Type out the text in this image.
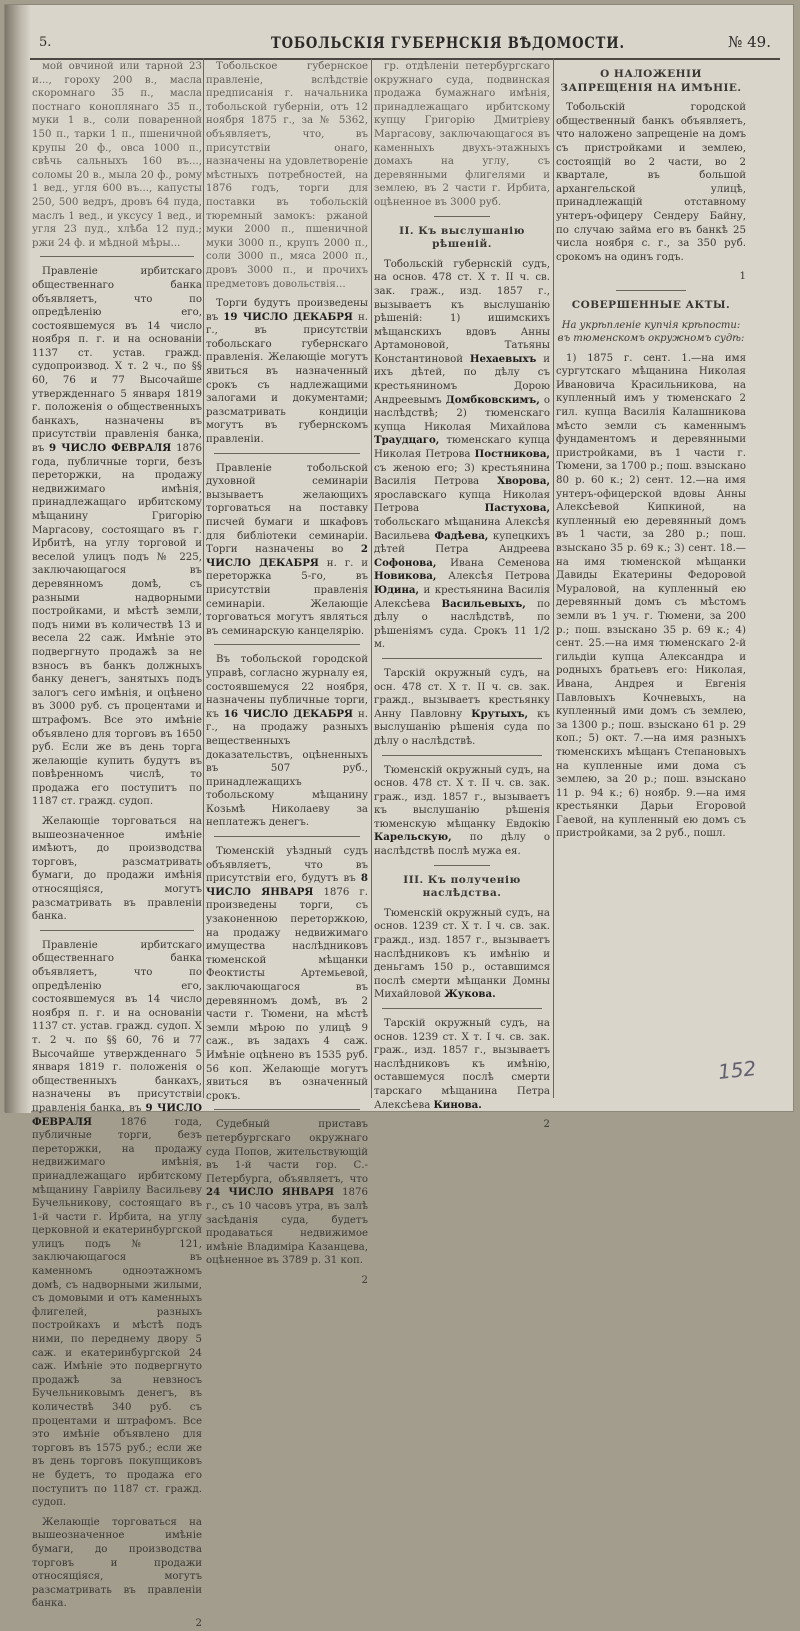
5.	ТОБОЛЬСКІЯ ГУБЕРНСКІЯ ВѢДОМОСТИ.	№ 49.

мой овчиной или тарной 23 и..., гороху 200 в., масла скоромнаго 35 п., масла постнаго коноплянаго 35 п., муки 1 в., соли поваренной 150 п., тарки 1 п., пшеничной крупы 20 ф., овса 1000 п., свѣчь сальныхъ 160 въ..., соломы 20 в., мыла 20 ф., рому 1 вед., угля 600 въ..., капусты 250, 500 ведръ, дровъ 64 пуда, маслъ 1 вед., и уксусу 1 вед., и угля 23 пуд., хлѣба 12 пуд.; ржи 24 ф. и мѣдной мѣры...

Правленіе ирбитскаго общественнаго банка объявляетъ, что по опредѣленію его, состоявшемуся въ 14 число ноября п. г. и на основаніи 1137 ст. устав. гражд. судопроизвод. X т. 2 ч., по §§ 60, 76 и 77 Высочайше утвержденнаго 5 января 1819 г. положенія о общественныхъ банкахъ, назначены въ присутствіи правленія банка, въ 9 ЧИСЛО ФЕВРАЛЯ 1876 года, публичные торги, безъ переторжки, на продажу недвижимаго имѣнія, принадлежащаго ирбитскому мѣщанину Григорію Маргасову, состоящаго въ г. Ирбитѣ, на углу торговой и веселой улицъ подъ № 225, заключающагося въ деревянномъ домѣ, съ разными надворными постройками, и мѣстѣ земли, подъ ними въ количествѣ 13 и весела 22 саж. Имѣніе это подвергнуто продажѣ за не взносъ въ банкъ должныхъ банку денегъ, занятыхъ подъ залогъ сего имѣнія, и оцѣнено въ 3000 руб. съ процентами и штрафомъ. Все это имѣніе объявлено для торговъ въ 1650 руб. Если же въ день торга желающіе купить будутъ въ повѣренномъ числѣ, то продажа его поступитъ по 1187 ст. гражд. судоп.

Желающіе торговаться на вышеозначенное имѣніе имѣютъ, до производства торговъ, разсматривать бумаги, до продажи имѣнія относящіяся, могутъ разсматривать въ правленіи банка.

Правленіе ирбитскаго общественнаго банка объявляетъ, что по опредѣленію его, состоявшемуся въ 14 число ноября п. г. и на основаніи 1137 ст. устав. гражд. судоп. X т. 2 ч. по §§ 60, 76 и 77 Высочайше утвержденнаго 5 января 1819 г. положенія о общественныхъ банкахъ, назначены въ присутствіи правленія банка, въ 9 ЧИСЛО ФЕВРАЛЯ	1876 года, публичные торги, безъ переторжки, на продажу недвижимаго имѣнія, принадлежащаго ирбитскому мѣщанину Гавріилу Васильеву Бучельникову, состоящаго въ 1-й части г. Ирбита, на углу церковной и екатеринбургской улицъ подъ № 121, заключающагося въ каменномъ одноэтажномъ домѣ, съ надворными жилыми, съ домовыми и отъ каменныхъ флигелей, разныхъ постройкахъ и мѣстѣ подъ ними, по переднему двору 5 саж. и екатеринбургской 24 саж. Имѣніе это подвергнуто продажѣ за невзносъ Бучельниковымъ денегъ, въ количествѣ 340 руб. съ процентами и штрафомъ. Все это имѣніе объявлено для торговъ въ 1575 руб.; если же въ день торговъ покупщиковъ не будетъ, то продажа его поступитъ по 1187 ст. гражд. судоп.

Желающіе торговаться на вышеозначенное имѣніе бумаги, до производства торговъ и продажи относящіяся, могутъ разсматривать въ правленіи банка.

2

Тобольское губернское правленіе, вслѣдствіе предписанія г. начальника тобольской губерніи, отъ 12 ноября 1875 г., за № 5362, объявляетъ, что, въ присутствіи онаго, назначены на удовлетвореніе мѣстныхъ потребностей, на 1876 годъ, торги для поставки въ тобольскій тюремный замокъ: ржаной муки 2000 п., пшеничной муки 3000 п., крупъ 2000 п., соли 3000 п., мяса 2000 п., дровъ 3000 п., и прочихъ предметовъ довольствія...

Торги будутъ произведены въ 19 ЧИСЛО ДЕКАБРЯ н. г., въ присутствіи тобольскаго губернскаго правленія. Желающіе могутъ явиться въ назначенный срокъ съ надлежащими залогами и документами; разсматривать кондиціи могутъ въ губернскомъ правленіи.

Правленіе тобольской духовной семинаріи вызываетъ желающихъ торговаться на поставку писчей бумаги и шкафовъ для библіотеки семинаріи. Торги назначены во 2 ЧИСЛО ДЕКАБРЯ н. г. и переторжка 5-го, въ присутствіи правленія семинаріи. Желающіе торговаться могутъ являться въ семинарскую канцелярію.

Въ тобольской городской управѣ, согласно журналу ея, состоявшемуся 22 ноября, назначены публичные торги, къ 16 ЧИСЛО ДЕКАБРЯ н. г., на продажу разныхъ вещественныхъ доказательствъ, оцѣненныхъ въ 507 руб., принадлежащихъ тобольскому мѣщанину Козьмѣ Николаеву за неплатежъ денегъ.

Тюменскій уѣздный судъ объявляетъ, что въ присутствіи его, будутъ въ 8 ЧИСЛО ЯНВАРЯ 1876 г. произведены торги, съ узаконенною переторжкою, на продажу недвижимаго имущества наслѣдниковъ тюменской мѣщанки Феоктисты Артемьевой, заключающагося въ деревянномъ домѣ, въ 2 части г. Тюмени, на мѣстѣ земли мѣрою по улицѣ 9 саж., въ задахъ 4 саж. Имѣніе оцѣнено въ 1535 руб. 56 коп. Желающіе могутъ явиться въ означенный срокъ.

Судебный приставъ петербургскаго окружнаго суда Попов, жительствующій въ 1-й части гор. С.-Петербурга, объявляетъ, что 24 ЧИСЛО ЯНВАРЯ 1876 г., съ 10 часовъ утра, въ залѣ засѣданія суда, будетъ продаваться недвижимое имѣніе Владиміра Казанцева, оцѣненное въ 3789 р. 31 коп.

2

гр. отдѣленіи петербургскаго окружнаго суда, подвинская продажа бумажнаго имѣнія, принадлежащаго ирбитскому купцу Григорію Дмитріеву Маргасову, заключающагося въ каменныхъ двухъ-этажныхъ домахъ на углу, съ деревянными флигелями и землею, въ 2 части г. Ирбита, оцѣненное въ 3000 руб.

II. Къ выслушанію рѣшеній.

Тобольскій губернскій судъ, на основ. 478 ст. X т. II ч. св. зак. граж., изд. 1857 г., вызываетъ къ выслушанію рѣшеній: 1) ишимскихъ мѣщанскихъ вдовъ Анны Артамоновой, Татьяны Константиновой Нехаевыхъ и ихъ дѣтей, по дѣлу съ крестьяниномъ Дорою Андреевымъ Домбковскимъ, о наслѣдствѣ; 2) тюменскаго купца Николая Михайлова Траудцагo, тюменскаго купца Николая Петрова Постникова, съ женою его; 3) крестьянина Василія Петрова Хворова, ярославскаго купца Николая Петрова	Пастухова, тобольскаго мѣщанина Алексѣя Васильева Фадѣева, купецкихъ дѣтей Петра Андреева Софонова, Ивана Семенова Новикова, Алексѣя Петрова Юдина, и крестьянина Василія Алексѣева Васильевыхъ, по дѣлу о наслѣдствѣ, по рѣшеніямъ суда. Срокъ 11 1/2 м.

Тарскій окружный судъ, на осн. 478 ст. X т. II ч. св. зак. гражд., вызываетъ крестьянку Анну Павловну Крутыхъ, къ выслушанію рѣшенія суда по дѣлу о наслѣдствѣ.

Тюменскій окружный судъ, на основ. 478 ст. X т. II ч. св. зак. граж., изд. 1857 г., вызываетъ къ выслушанію рѣшенія тюменскую мѣщанку Евдокію Карельскую, по дѣлу о наслѣдствѣ послѣ мужа ея.

III. Къ полученію наслѣдства.

Тюменскій окружный судъ, на основ. 1239 ст. X т. I ч. св. зак. гражд., изд. 1857 г., вызываетъ наслѣдниковъ къ имѣнію и деньгамъ 150 р., оставшимся послѣ смерти мѣщанки Домны Михайловой Жукова.

Тарскій окружный судъ, на основ. 1239 ст. X т. I ч. св. зак. граж., изд. 1857 г., вызываетъ наслѣдниковъ къ имѣнію, оставшемуся послѣ смерти тарскаго мѣщанина Петра Алексѣева Кинова.

2
О НАЛОЖЕНІИ ЗАПРЕЩЕНІЯ НА ИМѢНІЕ.

Тобольскій городской общественный банкъ объявляетъ, что наложено запрещеніе на домъ съ пристройками и землею, состоящій во 2 части, во 2 квартале, въ большой архангельской улицѣ, принадлежащій отставному унтеръ-офицеру Сендеру Байну, по случаю займа его въ банкѣ 25 числа ноября с. г., за 350 руб. срокомъ на одинъ годъ.

1
СОВЕРШЕННЫЕ АКТЫ.
На укрѣпленіе купчія крѣпости: въ тюменскомъ окружномъ судѣ:

1) 1875 г. сент. 1.—на имя сургутскаго мѣщанина Николая Ивановича Красильникова, на купленный имъ у тюменскаго 2 гил. купца Василія Калашникова мѣсто земли съ каменнымъ фундаментомъ и деревянными пристройками, въ 1 части г. Тюмени, за 1700 р.; пош. взыскано 80 р. 60 к.; 2) сент. 12.—на имя унтеръ-офицерской вдовы Анны Алексѣевой Кипкиной, на купленный ею деревянный домъ въ 1 части, за 280 р.; пош. взыскано 35 р. 69 к.; 3) сент. 18.—на имя тюменской мѣщанки Давиды Екатерины Федоровой Мураловой, на купленный ею деревянный домъ съ мѣстомъ земли въ 1 уч. г. Тюмени, за 200 р.; пош. взыскано 35 р. 69 к.; 4) сент. 25.—на имя тюменскаго 2-й гильдіи купца Александра и родныхъ братьевъ его: Николая, Ивана, Андрея и Евгенія Павловыхъ Кочневыхъ, на купленный ими домъ съ землею, за 1300 р.; пош. взыскано 61 р. 29 коп.; 5) окт. 7.—на имя разныхъ тюменскихъ мѣщанъ Степановыхъ на купленные ими дома съ землею, за 20 р.; пош. взыскано 11 р. 94 к.; 6) ноябр. 9.—на имя крестьянки Дарьи Егоровой Гаевой, на купленный ею домъ съ пристройками, за 2 руб., пошл.

152
